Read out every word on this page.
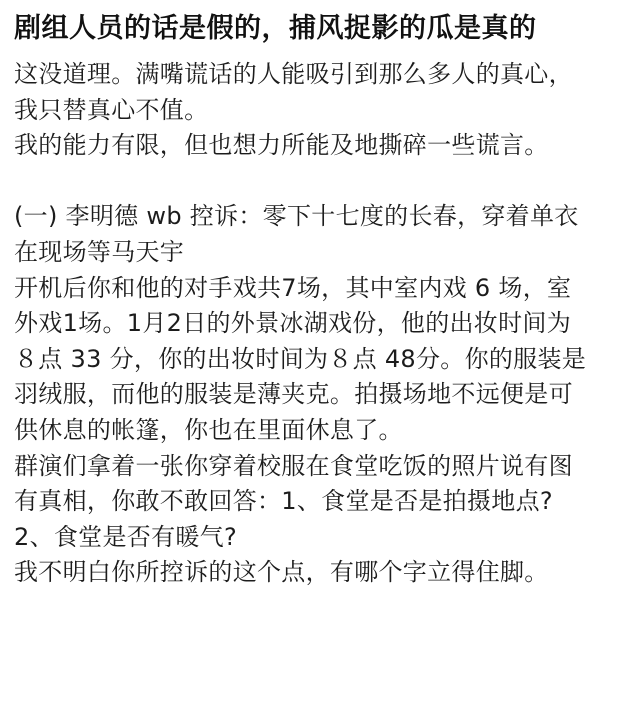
剧组人员的话是假的，捕风捉影的瓜是真的

这没道理。满嘴谎话的人能吸引到那么多人的真心，

我只替真心不值。

我的能力有限，但也想力所能及地撕碎一些谎言。

(一) 李明德 wb 控诉：零下十七度的长春，穿着单衣

在现场等马天宇

开机后你和他的对手戏共7场，其中室内戏 6 场，室

外戏1场。1月2日的外景冰湖戏份，他的出妆时间为

８点 33 分，你的出妆时间为８点 48分。你的服装是

羽绒服，而他的服装是薄夹克。拍摄场地不远便是可

供休息的帐篷，你也在里面休息了。

群演们拿着一张你穿着校服在食堂吃饭的照片说有图

有真相，你敢不敢回答：1、食堂是否是拍摄地点?

2、食堂是否有暖气?

我不明白你所控诉的这个点，有哪个字立得住脚。
